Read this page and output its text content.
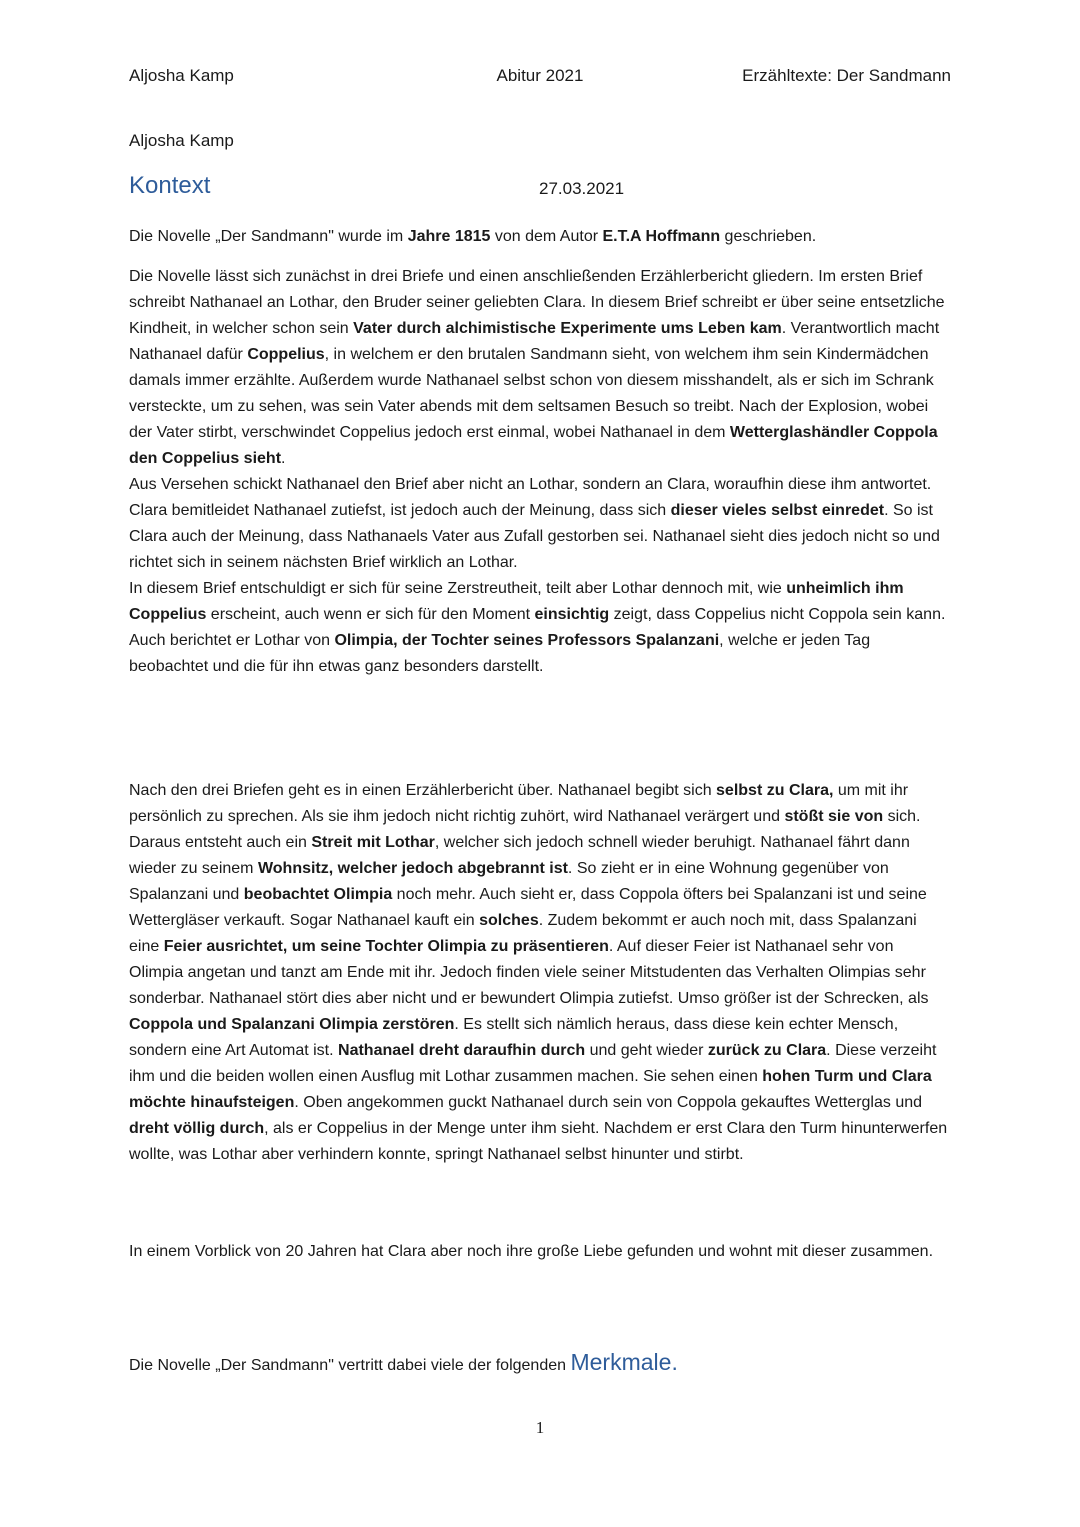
Aljosha Kamp	Abitur 2021	Erzähltexte: Der Sandmann
Aljosha Kamp
Kontext	27.03.2021

Die Novelle „Der Sandmann" wurde im Jahre 1815 von dem Autor E.T.A Hoffmann geschrieben.

Die Novelle lässt sich zunächst in drei Briefe und einen anschließenden Erzählerbericht gliedern. Im ersten Brief schreibt Nathanael an Lothar, den Bruder seiner geliebten Clara. In diesem Brief schreibt er über seine entsetzliche Kindheit, in welcher schon sein Vater durch alchimistische Experimente ums Leben kam. Verantwortlich macht Nathanael dafür Coppelius, in welchem er den brutalen Sandmann sieht, von welchem ihm sein Kindermädchen damals immer erzählte. Außerdem wurde Nathanael selbst schon von diesem misshandelt, als er sich im Schrank versteckte, um zu sehen, was sein Vater abends mit dem seltsamen Besuch so treibt. Nach der Explosion, wobei der Vater stirbt, verschwindet Coppelius jedoch erst einmal, wobei Nathanael in dem Wetterglashändler Coppola den Coppelius sieht.

Aus Versehen schickt Nathanael den Brief aber nicht an Lothar, sondern an Clara, woraufhin diese ihm antwortet.

Clara bemitleidet Nathanael zutiefst, ist jedoch auch der Meinung, dass sich dieser vieles selbst einredet. So ist Clara auch der Meinung, dass Nathanaels Vater aus Zufall gestorben sei. Nathanael sieht dies jedoch nicht so und richtet sich in seinem nächsten Brief wirklich an Lothar.

In diesem Brief entschuldigt er sich für seine Zerstreutheit, teilt aber Lothar dennoch mit, wie unheimlich ihm Coppelius erscheint, auch wenn er sich für den Moment einsichtig zeigt, dass Coppelius nicht Coppola sein kann. Auch berichtet er Lothar von Olimpia, der Tochter seines Professors Spalanzani, welche er jeden Tag beobachtet und die für ihn etwas ganz besonders darstellt.

Nach den drei Briefen geht es in einen Erzählerbericht über. Nathanael begibt sich selbst zu Clara, um mit ihr persönlich zu sprechen. Als sie ihm jedoch nicht richtig zuhört, wird Nathanael verärgert und stößt sie von sich. Daraus entsteht auch ein Streit mit Lothar, welcher sich jedoch schnell wieder beruhigt. Nathanael fährt dann wieder zu seinem Wohnsitz, welcher jedoch abgebrannt ist. So zieht er in eine Wohnung gegenüber von Spalanzani und beobachtet Olimpia noch mehr. Auch sieht er, dass Coppola öfters bei Spalanzani ist und seine Wettergläser verkauft. Sogar Nathanael kauft ein solches. Zudem bekommt er auch noch mit, dass Spalanzani eine Feier ausrichtet, um seine Tochter Olimpia zu präsentieren. Auf dieser Feier ist Nathanael sehr von Olimpia angetan und tanzt am Ende mit ihr. Jedoch finden viele seiner Mitstudenten das Verhalten Olimpias sehr sonderbar. Nathanael stört dies aber nicht und er bewundert Olimpia zutiefst. Umso größer ist der Schrecken, als Coppola und Spalanzani Olimpia zerstören. Es stellt sich nämlich heraus, dass diese kein echter Mensch, sondern eine Art Automat ist. Nathanael dreht daraufhin durch und geht wieder zurück zu Clara. Diese verzeiht ihm und die beiden wollen einen Ausflug mit Lothar zusammen machen. Sie sehen einen hohen Turm und Clara möchte hinaufsteigen. Oben angekommen guckt Nathanael durch sein von Coppola gekauftes Wetterglas und dreht völlig durch, als er Coppelius in der Menge unter ihm sieht. Nachdem er erst Clara den Turm hinunterwerfen wollte, was Lothar aber verhindern konnte, springt Nathanael selbst hinunter und stirbt.

In einem Vorblick von 20 Jahren hat Clara aber noch ihre große Liebe gefunden und wohnt mit dieser zusammen.

Die Novelle „Der Sandmann" vertritt dabei viele der folgenden Merkmale.
1
